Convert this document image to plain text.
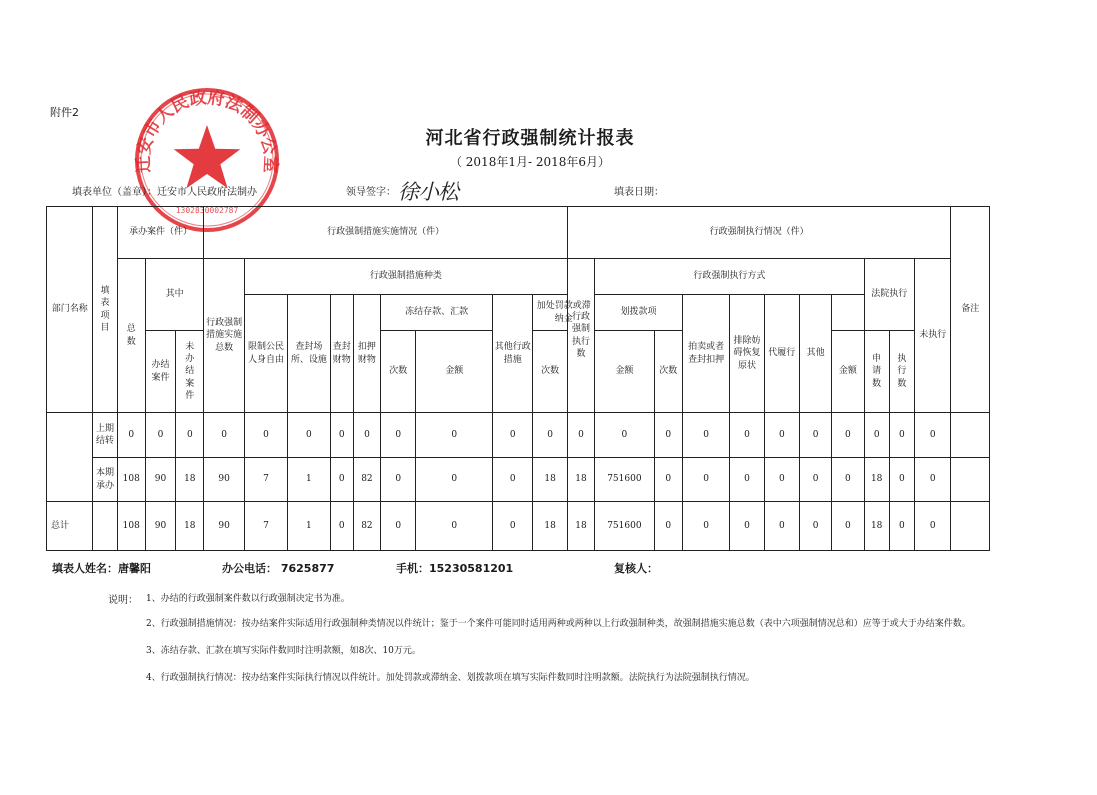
附件2
迁安市人民政府法制办公室
1302830002787
河北省行政强制统计报表
（ 2018年1月- 2018年6月）
填表单位（盖章）：迁安市人民政府法制办	领导签字： 徐小松	填表日期：
部门名称	填表项目	承办案件（件）			行政强制措施实施情况（件）									行政强制执行情况（件）											备注
		总数	其中		行政强制措施实施总数	行政强制措施种类								行政强制执行数	行政强制执行方式							法院执行		未执行	
						限制公民人身自由	查封场所、设施	查封财物	扣押财物	冻结存款、汇款		其他行政措施	加处罚款或滞纳金		划拨款项		拍卖或者查封扣押	排除妨碍恢复原状	代履行	其他					
			办结案件	未办结案件						次数	金额		次数		金额	次数					金额	申请数	执行数		

	上期结转	0	0	0	0	0	0	0	0	0	0	0	0	0	0	0	0	0	0	0	0	0	0	0	
	本期承办	108	90	18	90	7	1	0	82	0	0	0	18	18	751600	0	0	0	0	0	0	18	0	0	
总计		108	90	18	90	7	1	0	82	0	0	0	18	18	751600	0	0	0	0	0	0	18	0	0	
填表人姓名：唐馨阳	办公电话： 7625877	手机：15230581201	复核人：
说明： 1、办结的行政强制案件数以行政强制决定书为准。
2、行政强制措施情况：按办结案件实际适用行政强制种类情况以件统计；鉴于一个案件可能同时适用两种或两种以上行政强制种类，故强制措施实施总数（表中六项强制情况总和）应等于或大于办结案件数。
3、冻结存款、汇款在填写实际件数同时注明款额，如8次、10万元。
4、行政强制执行情况：按办结案件实际执行情况以件统计。加处罚款或滞纳金、划拨款项在填写实际件数同时注明款额。法院执行为法院强制执行情况。
